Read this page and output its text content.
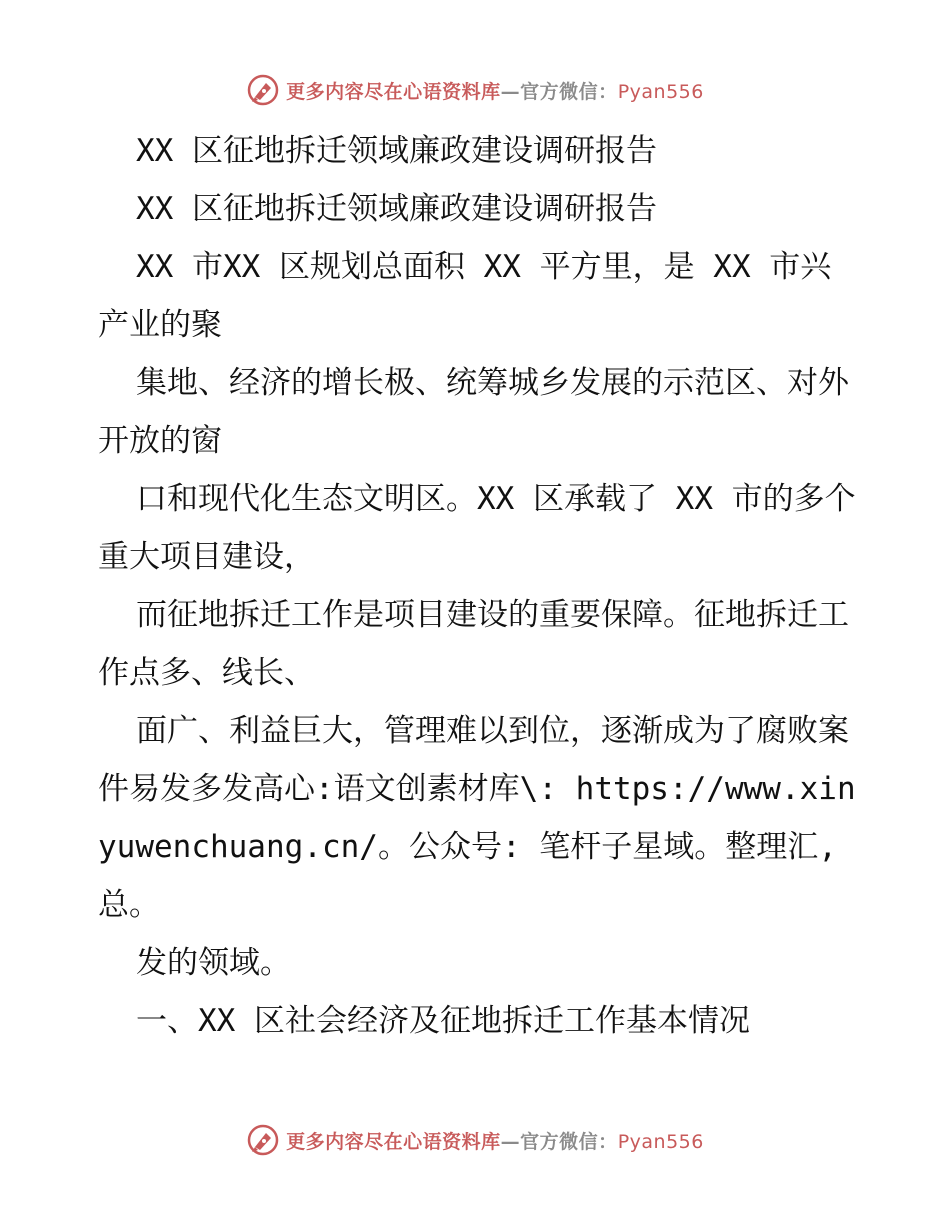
更多内容尽在心语资料库—官方微信：Pyan556

XX 区征地拆迁领域廉政建设调研报告

XX 区征地拆迁领域廉政建设调研报告

XX 市XX 区规划总面积 XX 平方里，是 XX 市兴产业的聚

集地、经济的增长极、统筹城乡发展的示范区、对外开放的窗

口和现代化生态文明区。XX 区承载了 XX 市的多个重大项目建设，

而征地拆迁工作是项目建设的重要保障。征地拆迁工作点多、线长、

面广、利益巨大，管理难以到位，逐渐成为了腐败案件易发多发高心:语文创素材库\: https://www.xinyuwenchuang.cn/。公众号: 笔杆子星域。整理汇,总。

发的领域。

一、XX 区社会经济及征地拆迁工作基本情况

更多内容尽在心语资料库—官方微信：Pyan556
